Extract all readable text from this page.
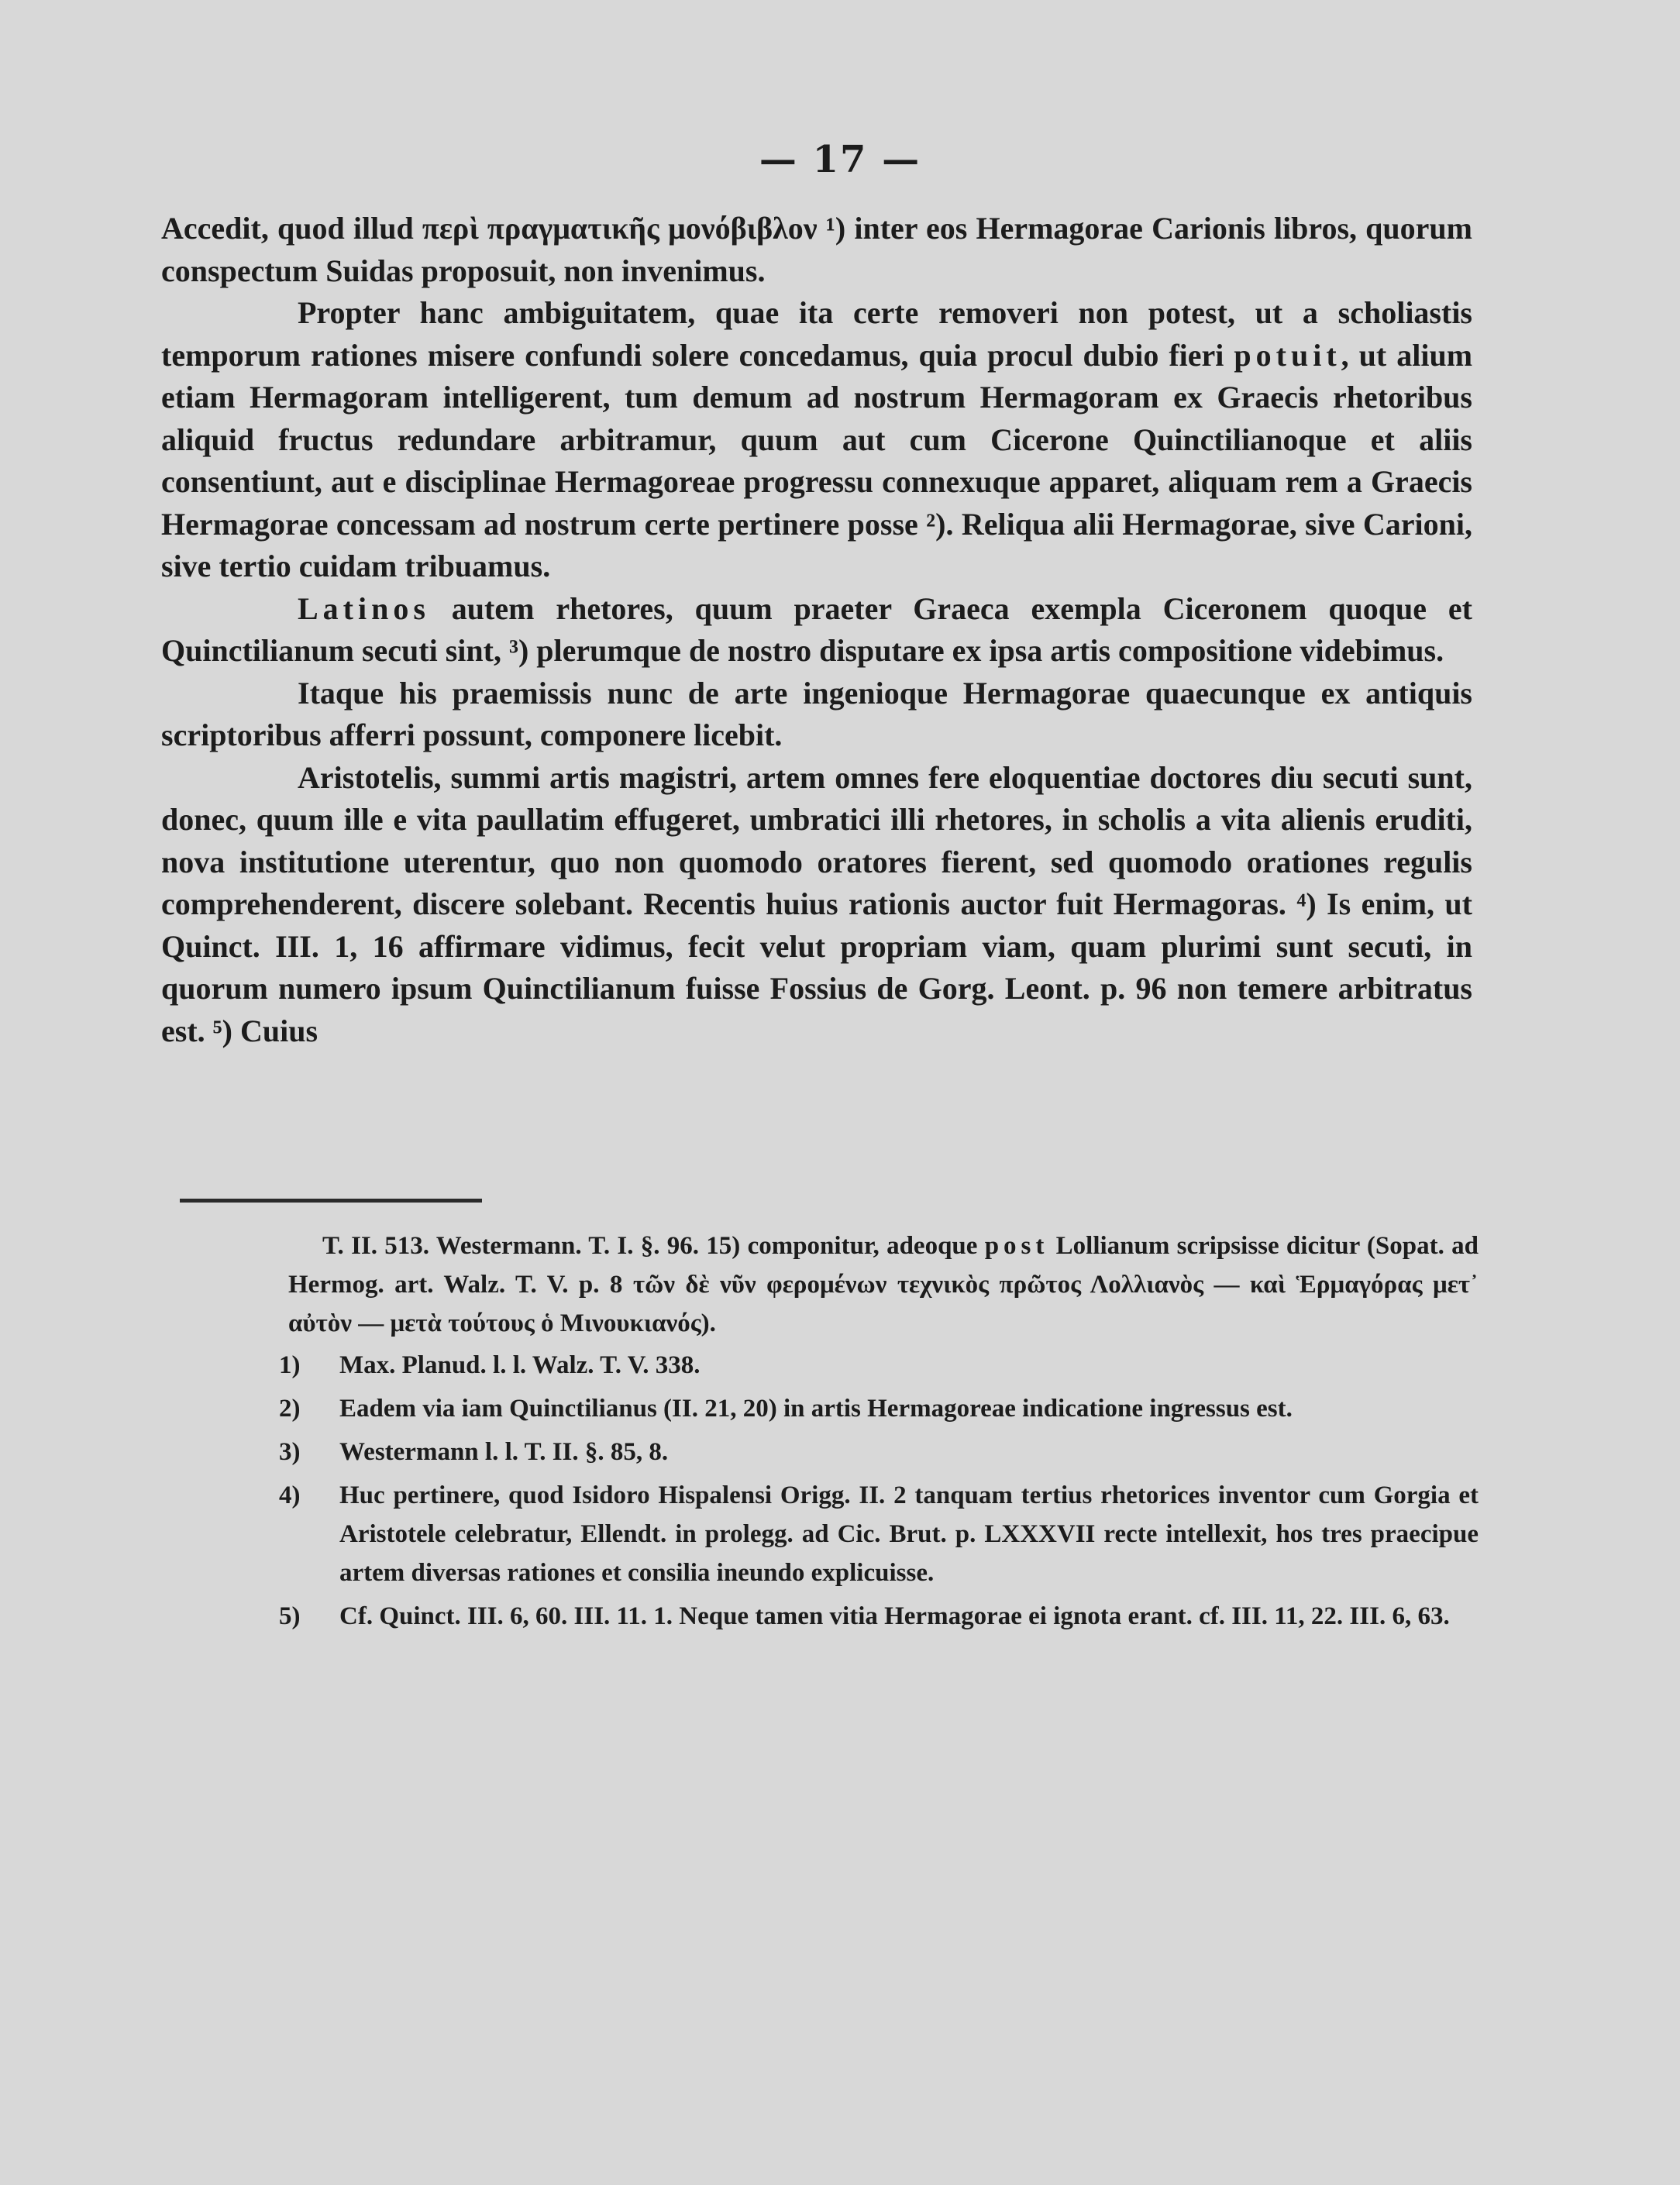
— 17 —

Accedit, quod illud περὶ πραγματικῆς μονόβιβλον ¹) inter eos Hermagorae Carionis libros, quorum conspectum Suidas proposuit, non invenimus.

Propter hanc ambiguitatem, quae ita certe removeri non potest, ut a scholiastis temporum rationes misere confundi solere concedamus, quia procul dubio fieri potuit, ut alium etiam Hermagoram intelligerent, tum demum ad nostrum Hermagoram ex Graecis rhetoribus aliquid fructus redundare arbitramur, quum aut cum Cicerone Quinctilianoque et aliis consentiunt, aut e disciplinae Hermagoreae progressu connexuque apparet, aliquam rem a Graecis Hermagorae concessam ad nostrum certe pertinere posse ²). Reliqua alii Hermagorae, sive Carioni, sive tertio cuidam tribuamus.

Latinos autem rhetores, quum praeter Graeca exempla Ciceronem quoque et Quinctilianum secuti sint, ³) plerumque de nostro disputare ex ipsa artis compositione videbimus.

Itaque his praemissis nunc de arte ingenioque Hermagorae quaecunque ex antiquis scriptoribus afferri possunt, componere licebit.

Aristotelis, summi artis magistri, artem omnes fere eloquentiae doctores diu secuti sunt, donec, quum ille e vita paullatim effugeret, umbratici illi rhetores, in scholis a vita alienis eruditi, nova institutione uterentur, quo non quomodo oratores fierent, sed quomodo orationes regulis comprehenderent, discere solebant. Recentis huius rationis auctor fuit Hermagoras. ⁴) Is enim, ut Quinct. III. 1, 16 affirmare vidimus, fecit velut propriam viam, quam plurimi sunt secuti, in quorum numero ipsum Quinctilianum fuisse Fossius de Gorg. Leont. p. 96 non temere arbitratus est. ⁵) Cuius

T. II. 513. Westermann. T. I. §. 96. 15) componitur, adeoque post Lollianum scripsisse dicitur (Sopat. ad Hermog. art. Walz. T. V. p. 8 τῶν δὲ νῦν φερομένων τεχνικὸς πρῶτος Λολλιανὸς — καὶ Ἑρμαγόρας μετ᾽ αὐτὸν — μετὰ τούτους ὁ Μινουκιανός).

1) Max. Planud. l. l. Walz. T. V. 338.
2) Eadem via iam Quinctilianus (II. 21, 20) in artis Hermagoreae indicatione ingressus est.
3) Westermann l. l. T. II. §. 85, 8.
4) Huc pertinere, quod Isidoro Hispalensi Origg. II. 2 tanquam tertius rhetorices inventor cum Gorgia et Aristotele celebratur, Ellendt. in prolegg. ad Cic. Brut. p. LXXXVII recte intellexit, hos tres praecipue artem diversas rationes et consilia ineundo explicuisse.
5) Cf. Quinct. III. 6, 60. III. 11. 1. Neque tamen vitia Hermagorae ei ignota erant. cf. III. 11, 22. III. 6, 63.
